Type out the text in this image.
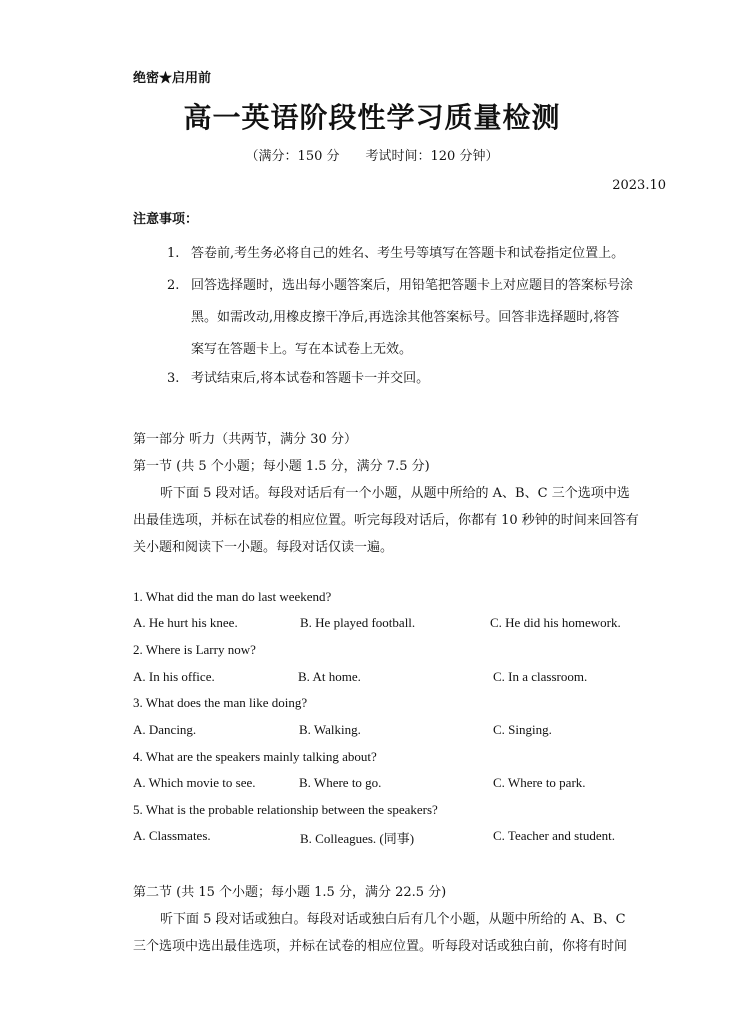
绝密★启用前
高一英语阶段性学习质量检测
（满分：150 分 考试时间：120 分钟）
2023.10
注意事项：
1. 答卷前,考生务必将自己的姓名、考生号等填写在答题卡和试卷指定位置上。
2. 回答选择题时，选出每小题答案后，用铅笔把答题卡上对应题目的答案标号涂
黑。如需改动,用橡皮擦干净后,再选涂其他答案标号。回答非选择题时,将答
案写在答题卡上。写在本试卷上无效。
3. 考试结束后,将本试卷和答题卡一并交回。
第一部分 听力（共两节，满分 30 分）
第一节 (共 5 个小题；每小题 1.5 分，满分 7.5 分)
听下面 5 段对话。每段对话后有一个小题，从题中所给的 A、B、C 三个选项中选
出最佳选项，并标在试卷的相应位置。听完每段对话后，你都有 10 秒钟的时间来回答有
关小题和阅读下一小题。每段对话仅读一遍。
1. What did the man do last weekend?
A. He hurt his knee.	B. He played football.	C. He did his homework.
2. Where is Larry now?
A. In his office.	B. At home.	C. In a classroom.
3. What does the man like doing?
A. Dancing.	B. Walking.	C. Singing.
4. What are the speakers mainly talking about?
A. Which movie to see.	B. Where to go.	C. Where to park.
5. What is the probable relationship between the speakers?
A. Classmates.	B. Colleagues. (同事)	C. Teacher and student.
第二节 (共 15 个小题；每小题 1.5 分，满分 22.5 分)
听下面 5 段对话或独白。每段对话或独白后有几个小题，从题中所给的 A、B、C
三个选项中选出最佳选项，并标在试卷的相应位置。听每段对话或独白前，你将有时间
